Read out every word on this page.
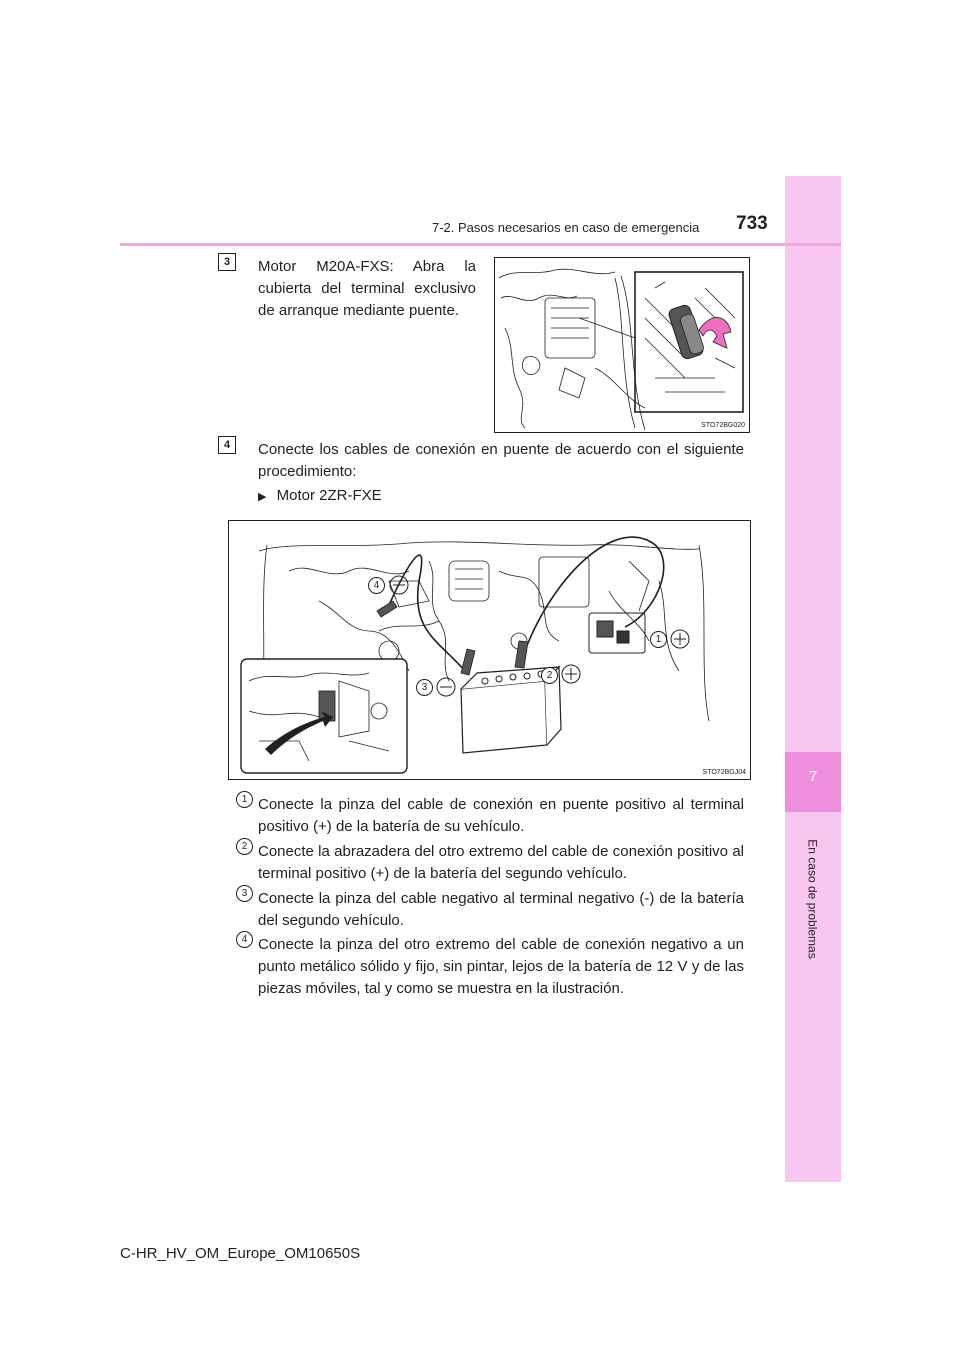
7
En caso de problemas
7-2. Pasos necesarios en caso de emergencia 733
3	Motor M20A-FXS: Abra la cubierta del terminal exclusivo de arranque mediante puente.
STO72BG020
4	Conecte los cables de conexión en puente de acuerdo con el siguiente procedimiento:
▶ Motor 2ZR-FXE
1
2
3
4
STO72BGJ04
1 Conecte la pinza del cable de conexión en puente positivo al terminal positivo (+) de la batería de su vehículo.
2 Conecte la abrazadera del otro extremo del cable de conexión positivo al terminal positivo (+) de la batería del segundo vehículo.
3 Conecte la pinza del cable negativo al terminal negativo (-) de la batería del segundo vehículo.
4 Conecte la pinza del otro extremo del cable de conexión negativo a un punto metálico sólido y fijo, sin pintar, lejos de la batería de 12 V y de las piezas móviles, tal y como se muestra en la ilustración.
C-HR_HV_OM_Europe_OM10650S
